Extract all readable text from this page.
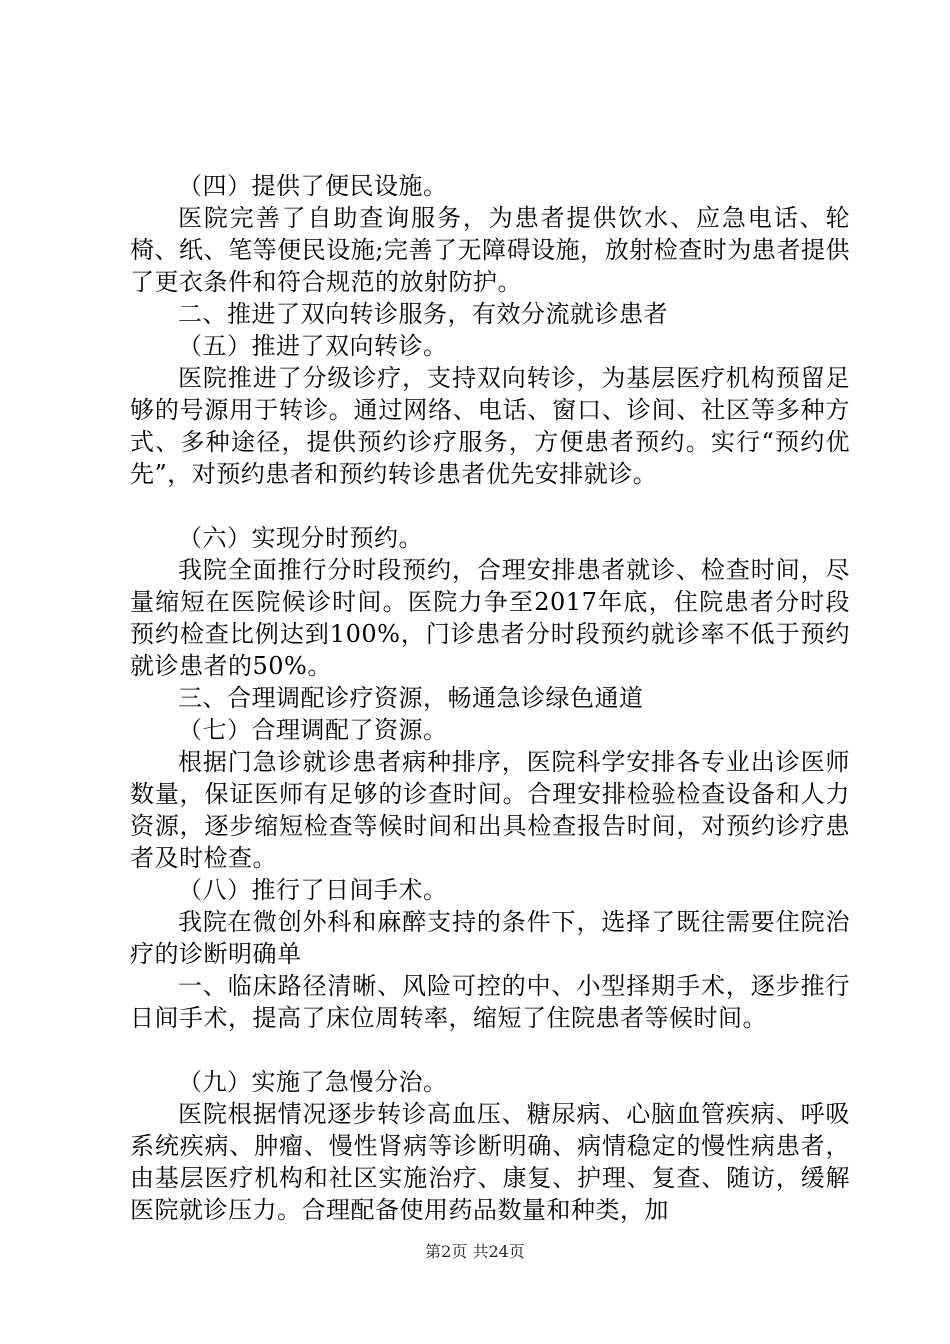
（四）提供了便民设施。

医院完善了自助查询服务，为患者提供饮水、应急电话、轮椅、纸、笔等便民设施;完善了无障碍设施，放射检查时为患者提供了更衣条件和符合规范的放射防护。

二、推进了双向转诊服务，有效分流就诊患者

（五）推进了双向转诊。

医院推进了分级诊疗，支持双向转诊，为基层医疗机构预留足够的号源用于转诊。通过网络、电话、窗口、诊间、社区等多种方式、多种途径，提供预约诊疗服务，方便患者预约。实行“预约优先”，对预约患者和预约转诊患者优先安排就诊。

（六）实现分时预约。

我院全面推行分时段预约，合理安排患者就诊、检查时间，尽量缩短在医院候诊时间。医院力争至2017年底，住院患者分时段预约检查比例达到100%，门诊患者分时段预约就诊率不低于预约就诊患者的50%。

三、合理调配诊疗资源，畅通急诊绿色通道

（七）合理调配了资源。

根据门急诊就诊患者病种排序，医院科学安排各专业出诊医师数量，保证医师有足够的诊查时间。合理安排检验检查设备和人力资源，逐步缩短检查等候时间和出具检查报告时间，对预约诊疗患者及时检查。

（八）推行了日间手术。

我院在微创外科和麻醉支持的条件下，选择了既往需要住院治疗的诊断明确单

一、临床路径清晰、风险可控的中、小型择期手术，逐步推行日间手术，提高了床位周转率，缩短了住院患者等候时间。

（九）实施了急慢分治。

医院根据情况逐步转诊高血压、糖尿病、心脑血管疾病、呼吸系统疾病、肿瘤、慢性肾病等诊断明确、病情稳定的慢性病患者，由基层医疗机构和社区实施治疗、康复、护理、复查、随访，缓解医院就诊压力。合理配备使用药品数量和种类，加

第2页 共24页
